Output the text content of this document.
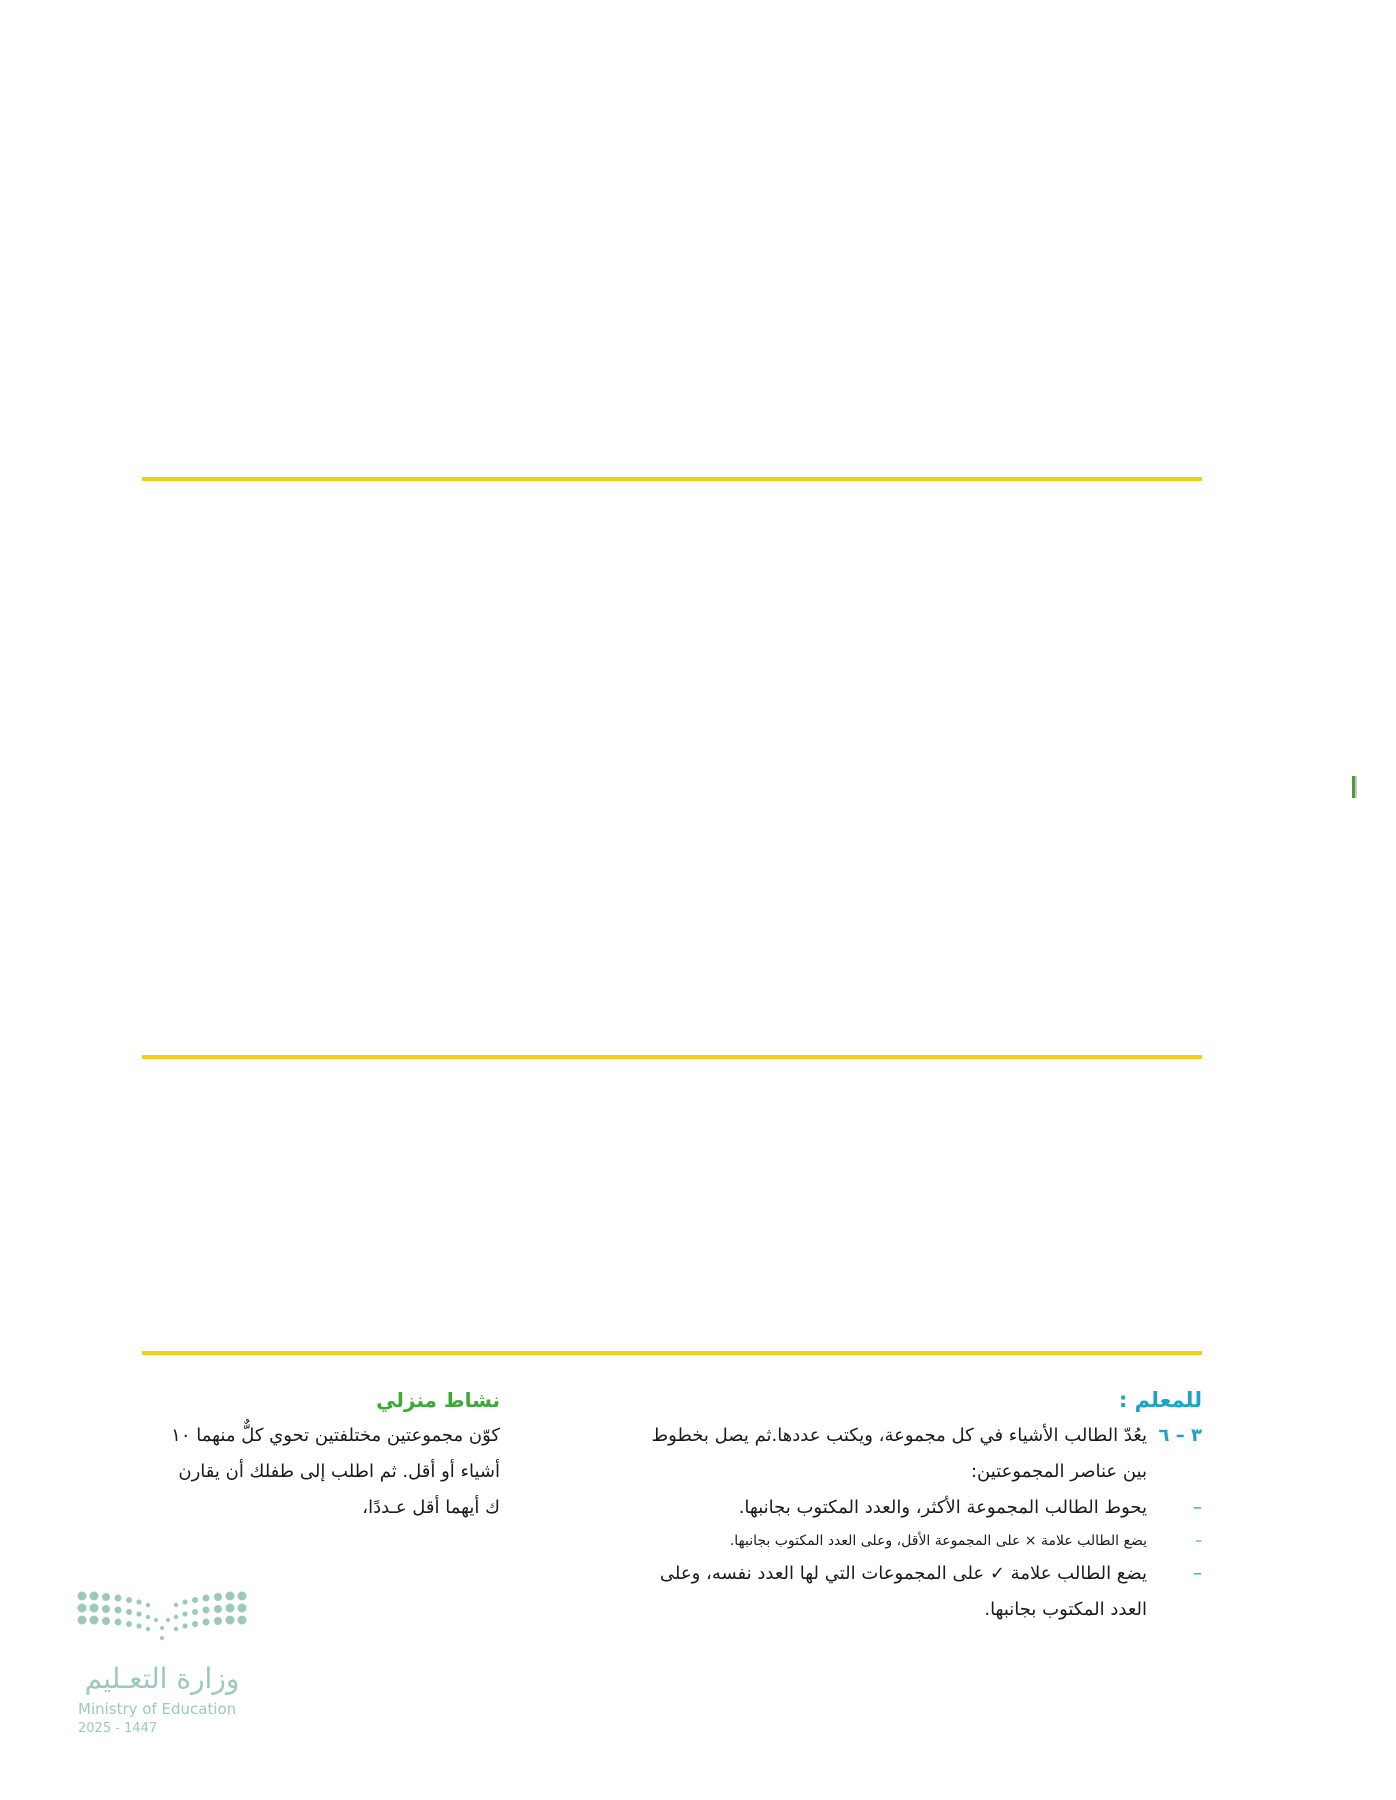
للمعلم :
٣ – ٦
يعُدّ الطالب الأشياء في كل مجموعة، ويكتب عددها.ثم يصل بخطوط
بين عناصر المجموعتين:
–
يحوط الطالب المجموعة الأكثر، والعدد المكتوب بجانبها.
–
يضع الطالب علامة × على المجموعة الأقل، وعلى العدد المكتوب بجانبها.
–
يضع الطالب علامة ✓ على المجموعات التي لها العدد نفسه، وعلى
العدد المكتوب بجانبها.
نشاط منزلي
كوّن مجموعتين مختلفتين تحوي كلٌّ منهما ١٠
أشياء أو أقل. ثم اطلب إلى طفلك أن يقارن
ك أيهما أقل عـددًا،
وزارة التعـليم
Ministry of Education
2025 - 1447
